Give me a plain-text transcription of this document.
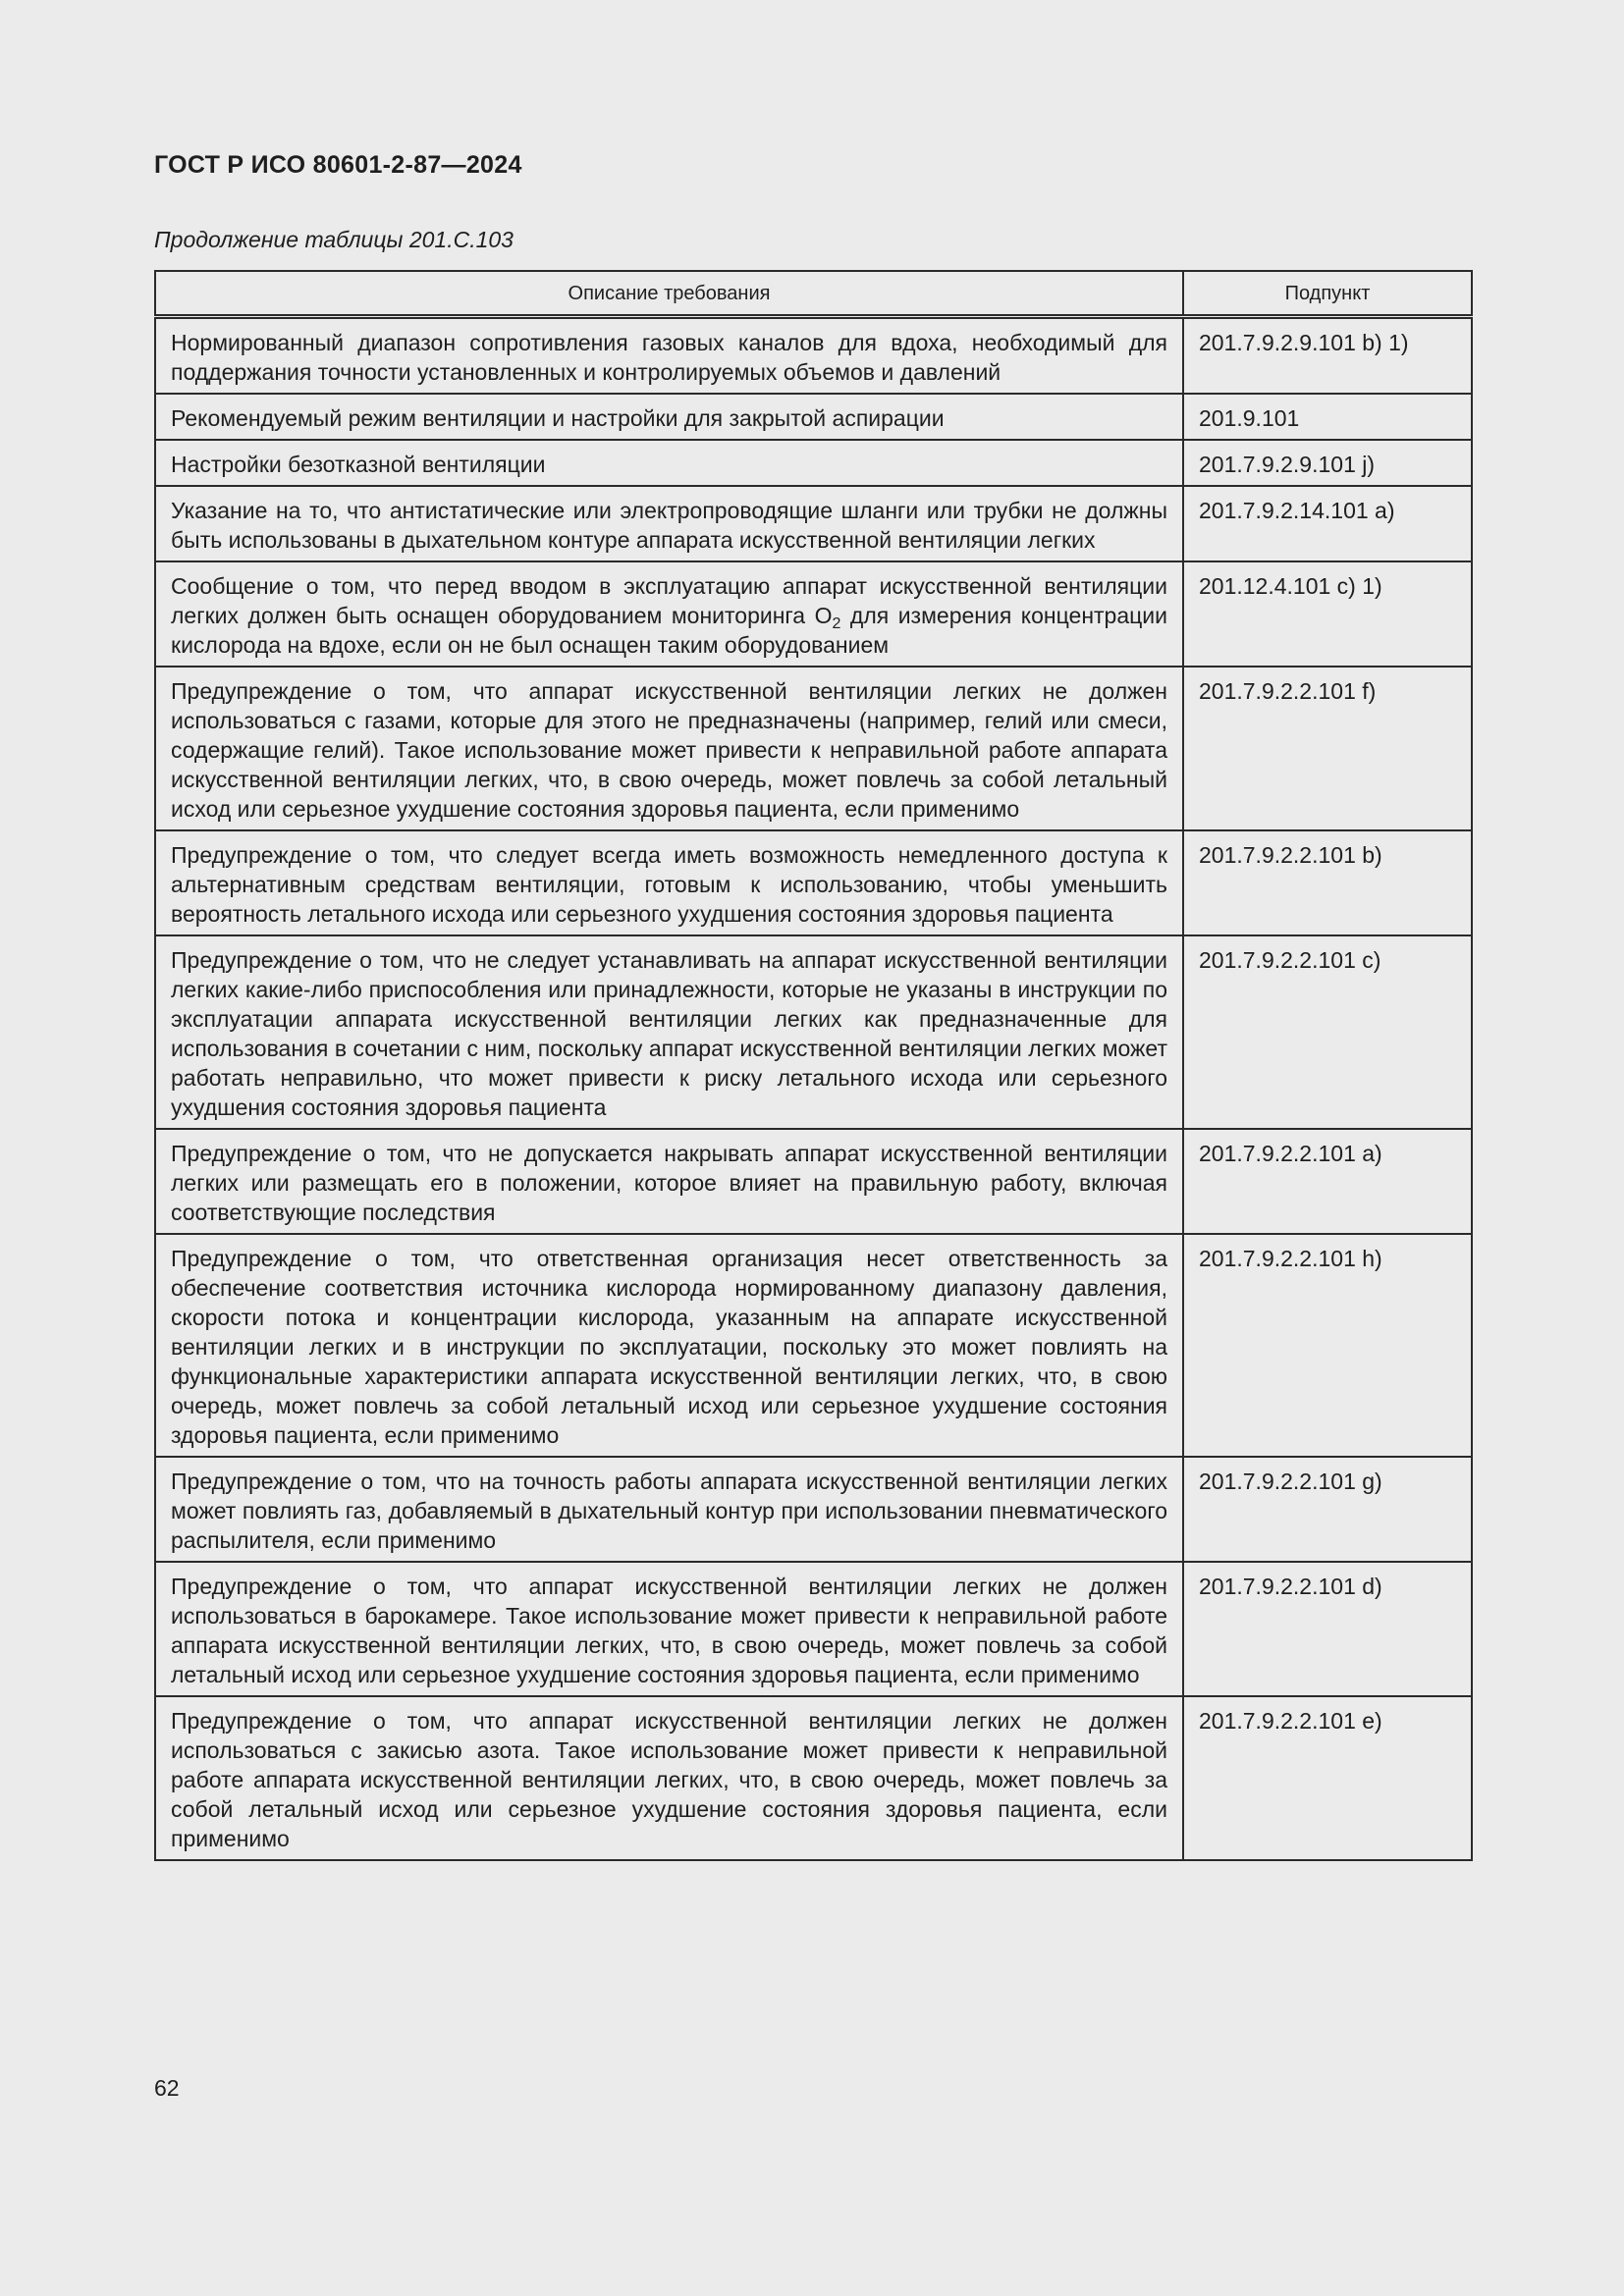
ГОСТ Р ИСО 80601-2-87—2024

Продолжение таблицы 201.С.103

Описание требования	Подпункт
Нормированный диапазон сопротивления газовых каналов для вдоха, необходимый для поддержания точности установленных и контролируемых объемов и давлений	201.7.9.2.9.101 b) 1)
Рекомендуемый режим вентиляции и настройки для закрытой аспирации	201.9.101
Настройки безотказной вентиляции	201.7.9.2.9.101 j)
Указание на то, что антистатические или электропроводящие шланги или трубки не должны быть использованы в дыхательном контуре аппарата искусственной вентиляции легких	201.7.9.2.14.101 a)
Сообщение о том, что перед вводом в эксплуатацию аппарат искусственной вентиляции легких должен быть оснащен оборудованием мониторинга $O_2$ для измерения концентрации кислорода на вдохе, если он не был оснащен таким оборудованием	201.12.4.101 c) 1)
Предупреждение о том, что аппарат искусственной вентиляции легких не должен использоваться с газами, которые для этого не предназначены (например, гелий или смеси, содержащие гелий). Такое использование может привести к неправильной работе аппарата искусственной вентиляции легких, что, в свою очередь, может повлечь за собой летальный исход или серьезное ухудшение состояния здоровья пациента, если применимо	201.7.9.2.2.101 f)
Предупреждение о том, что следует всегда иметь возможность немедленного доступа к альтернативным средствам вентиляции, готовым к использованию, чтобы уменьшить вероятность летального исхода или серьезного ухудшения состояния здоровья пациента	201.7.9.2.2.101 b)
Предупреждение о том, что не следует устанавливать на аппарат искусственной вентиляции легких какие-либо приспособления или принадлежности, которые не указаны в инструкции по эксплуатации аппарата искусственной вентиляции легких как предназначенные для использования в сочетании с ним, поскольку аппарат искусственной вентиляции легких может работать неправильно, что может привести к риску летального исхода или серьезного ухудшения состояния здоровья пациента	201.7.9.2.2.101 c)
Предупреждение о том, что не допускается накрывать аппарат искусственной вентиляции легких или размещать его в положении, которое влияет на правильную работу, включая соответствующие последствия	201.7.9.2.2.101 a)
Предупреждение о том, что ответственная организация несет ответственность за обеспечение соответствия источника кислорода нормированному диапазону давления, скорости потока и концентрации кислорода, указанным на аппарате искусственной вентиляции легких и в инструкции по эксплуатации, поскольку это может повлиять на функциональные характеристики аппарата искусственной вентиляции легких, что, в свою очередь, может повлечь за собой летальный исход или серьезное ухудшение состояния здоровья пациента, если применимо	201.7.9.2.2.101 h)
Предупреждение о том, что на точность работы аппарата искусственной вентиляции легких может повлиять газ, добавляемый в дыхательный контур при использовании пневматического распылителя, если применимо	201.7.9.2.2.101 g)
Предупреждение о том, что аппарат искусственной вентиляции легких не должен использоваться в барокамере. Такое использование может привести к неправильной работе аппарата искусственной вентиляции легких, что, в свою очередь, может повлечь за собой летальный исход или серьезное ухудшение состояния здоровья пациента, если применимо	201.7.9.2.2.101 d)
Предупреждение о том, что аппарат искусственной вентиляции легких не должен использоваться с закисью азота. Такое использование может привести к неправильной работе аппарата искусственной вентиляции легких, что, в свою очередь, может повлечь за собой летальный исход или серьезное ухудшение состояния здоровья пациента, если применимо	201.7.9.2.2.101 e)

62
